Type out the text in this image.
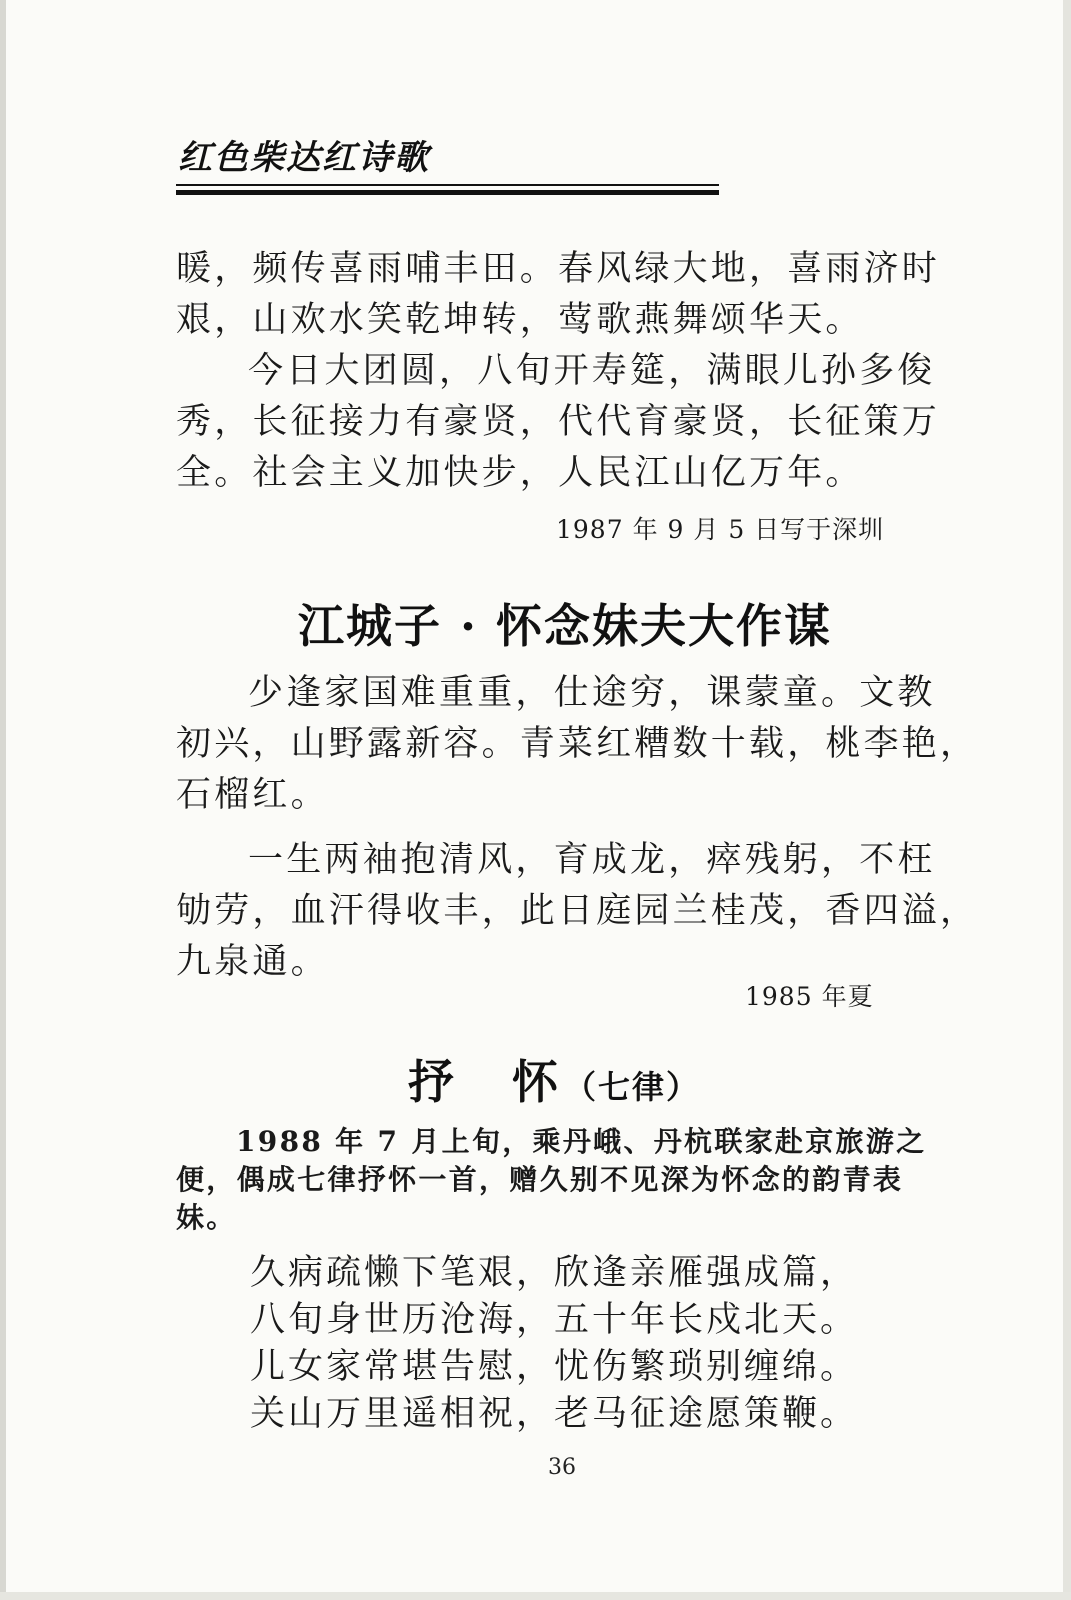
红色柴达红诗歌
暖，频传喜雨哺丰田。春风绿大地，喜雨济时
艰，山欢水笑乾坤转，莺歌燕舞颂华天。
今日大团圆，八旬开寿筵，满眼儿孙多俊
秀，长征接力有豪贤，代代育豪贤，长征策万
全。社会主义加快步，人民江山亿万年。
1987 年 9 月 5 日写于深圳
江城子 · 怀念妹夫大作谋
少逢家国难重重，仕途穷，课蒙童。文教
初兴，山野露新容。青菜红糟数十载，桃李艳，
石榴红。
一生两袖抱清风，育成龙，瘁残躬，不枉
劬劳，血汗得收丰，此日庭园兰桂茂，香四溢，
九泉通。
1985 年夏
抒　怀（七律）
1988 年 7 月上旬，乘丹峨、丹杭联家赴京旅游之
便，偶成七律抒怀一首，赠久别不见深为怀念的韵青表
妹。
久病疏懒下笔艰，欣逢亲雁强成篇，
八旬身世历沧海，五十年长戍北天。
儿女家常堪告慰，忧伤繁琐别缠绵。
关山万里遥相祝，老马征途愿策鞭。
36
